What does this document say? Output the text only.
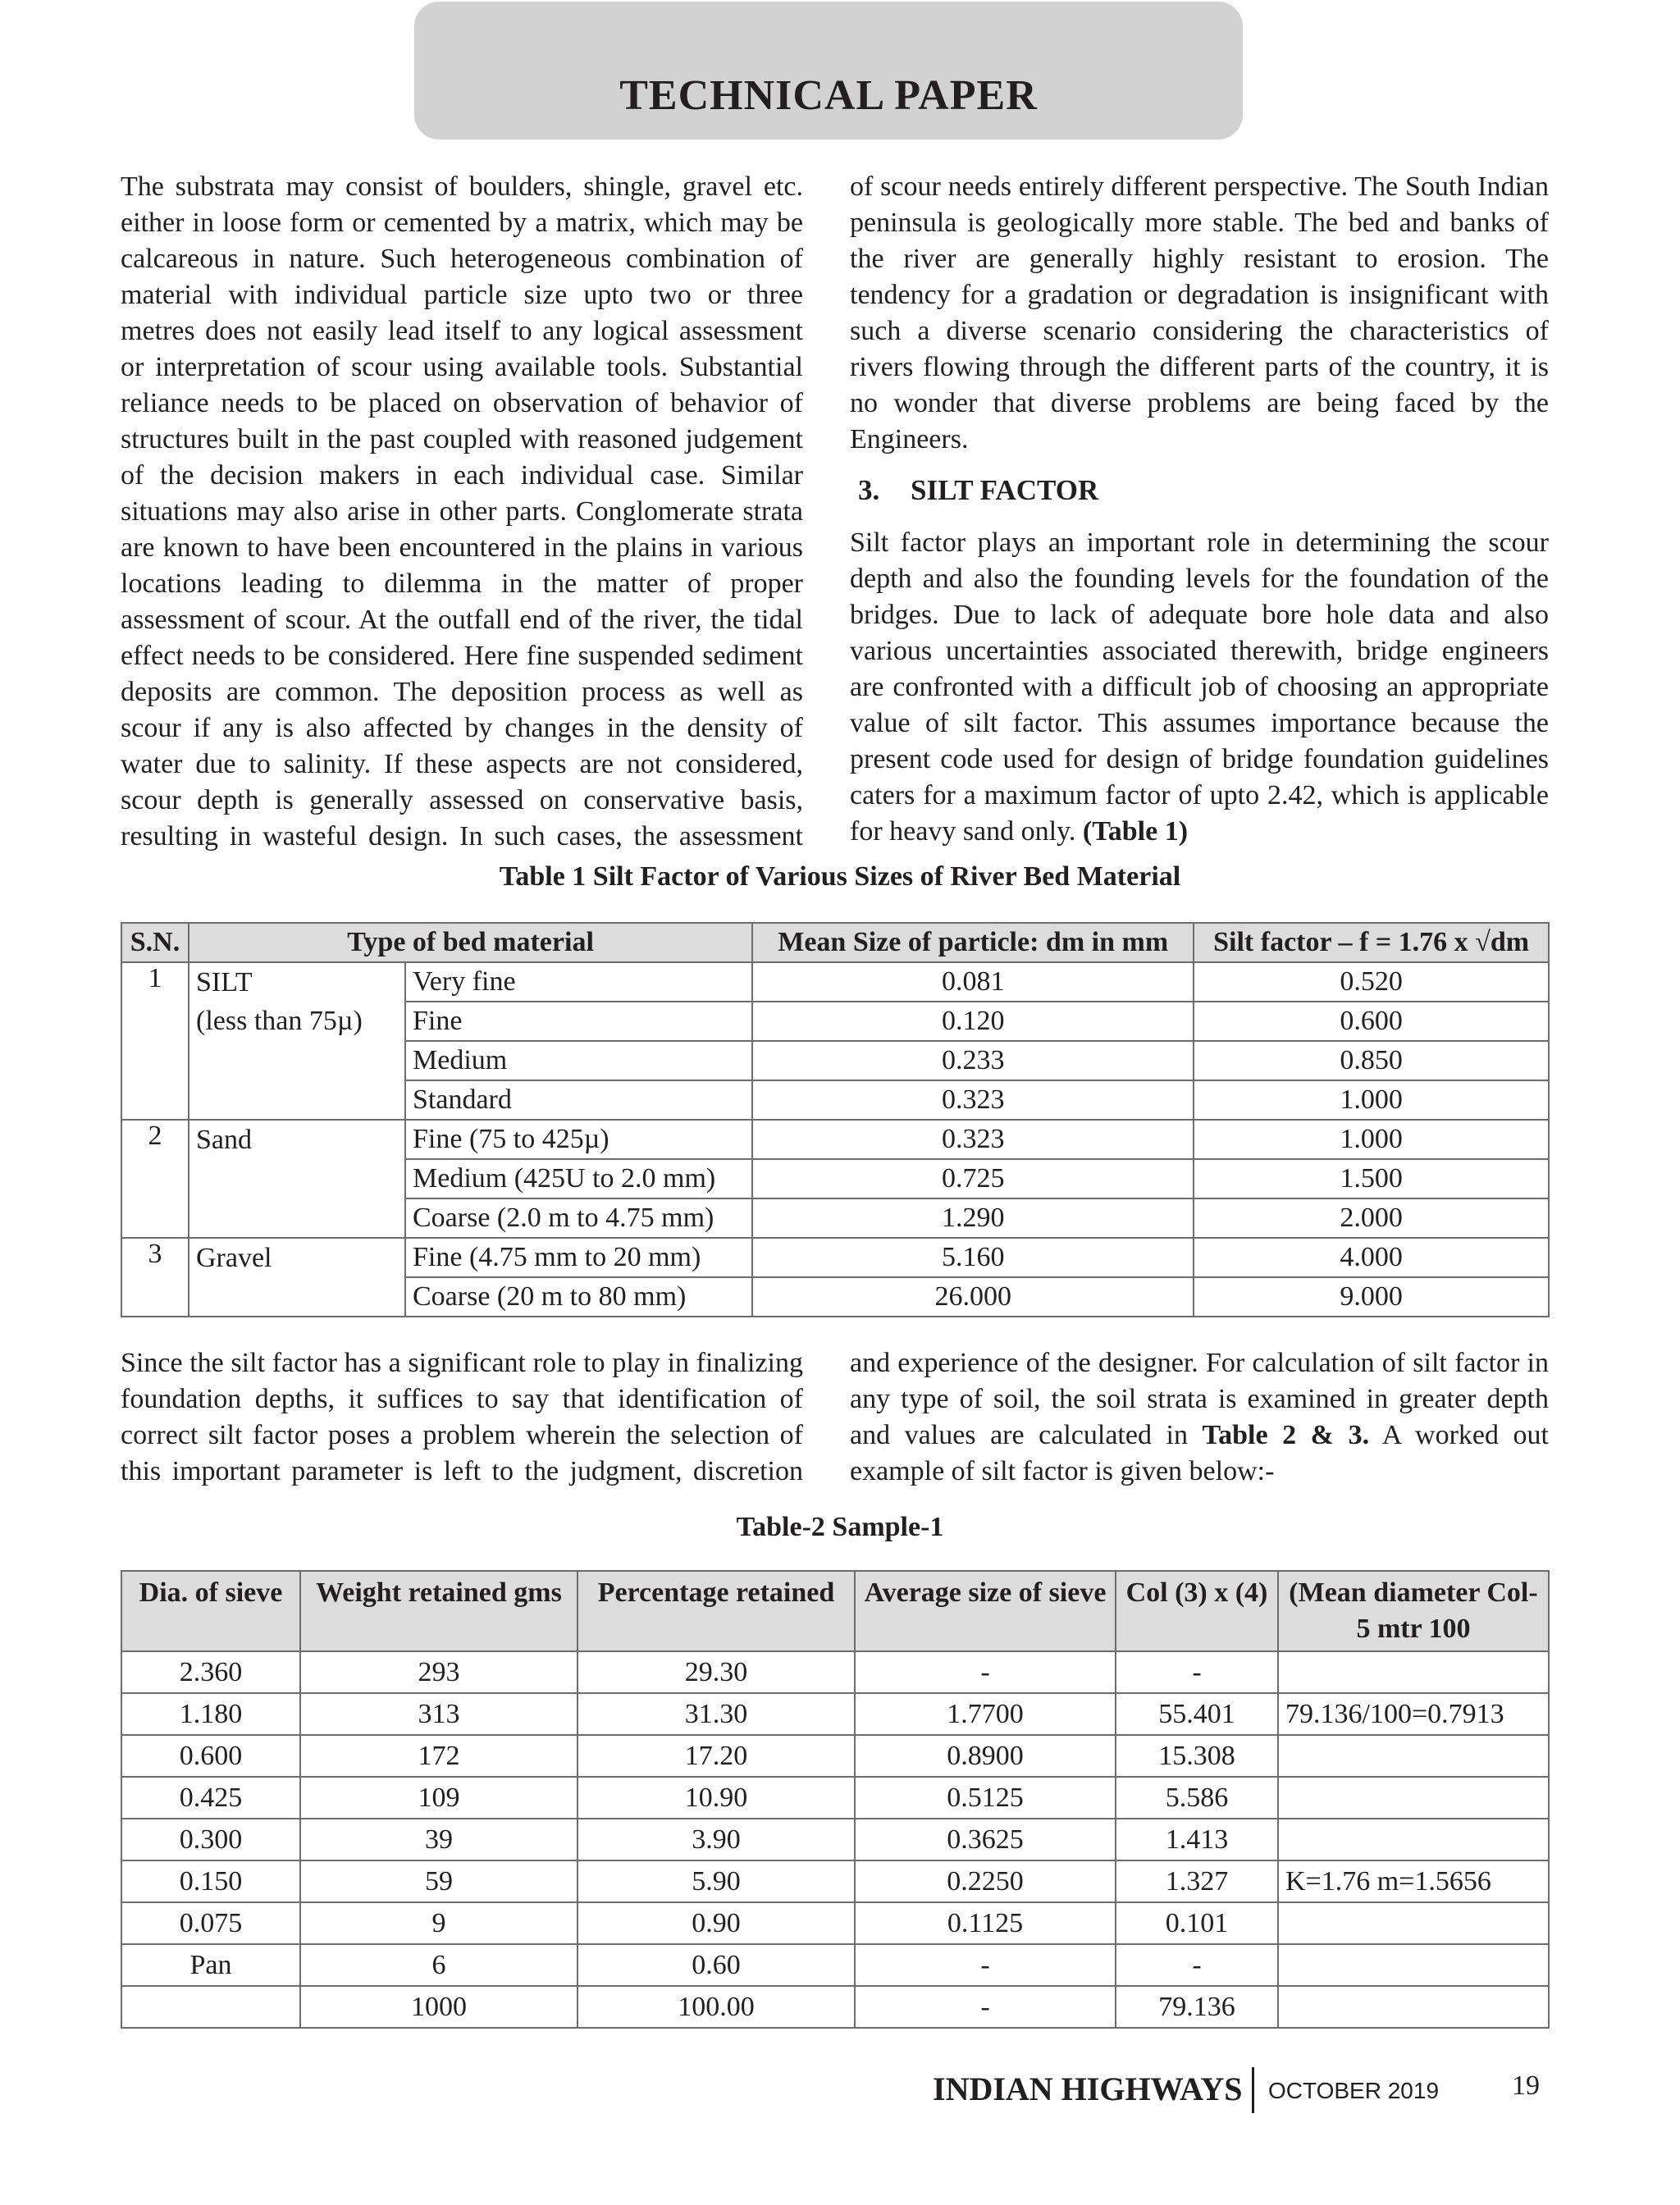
TECHNICAL PAPER

The substrata may consist of boulders, shingle, gravel etc. either in loose form or cemented by a matrix, which may be calcareous in nature. Such heterogeneous combination of material with individual particle size upto two or three metres does not easily lead itself to any logical assessment or interpretation of scour using available tools. Substantial reliance needs to be placed on observation of behavior of structures built in the past coupled with reasoned judgement of the decision makers in each individual case. Similar situations may also arise in other parts. Conglomerate strata are known to have been encountered in the plains in various locations leading to dilemma in the matter of proper assessment of scour. At the outfall end of the river, the tidal effect needs to be considered. Here fine suspended sediment deposits are common. The deposition process as well as scour if any is also affected by changes in the density of water due to salinity. If these aspects are not considered, scour depth is generally assessed on conservative basis, resulting in wasteful design. In such cases, the assessment

of scour needs entirely different perspective. The South Indian peninsula is geologically more stable. The bed and banks of the river are generally highly resistant to erosion. The tendency for a gradation or degradation is insignificant with such a diverse scenario considering the characteristics of rivers flowing through the different parts of the country, it is no wonder that diverse problems are being faced by the Engineers.

3. SILT FACTOR

Silt factor plays an important role in determining the scour depth and also the founding levels for the foundation of the bridges. Due to lack of adequate bore hole data and also various uncertainties associated therewith, bridge engineers are confronted with a difficult job of choosing an appropriate value of silt factor. This assumes importance because the present code used for design of bridge foundation guidelines caters for a maximum factor of upto 2.42, which is applicable for heavy sand only. (Table 1)

Table 1 Silt Factor of Various Sizes of River Bed Material
S.N.	Type of bed material		Mean Size of particle: dm in mm	Silt factor – f = 1.76 x √dm
1	SILT	Very fine	0.081	0.520
	(less than 75µ)	Fine	0.120	0.600
		Medium	0.233	0.850
		Standard	0.323	1.000
2	Sand	Fine (75 to 425µ)	0.323	1.000
		Medium (425U to 2.0 mm)	0.725	1.500
		Coarse (2.0 m to 4.75 mm)	1.290	2.000
3	Gravel	Fine (4.75 mm to 20 mm)	5.160	4.000
		Coarse (20 m to 80 mm)	26.000	9.000

Since the silt factor has a significant role to play in finalizing foundation depths, it suffices to say that identification of correct silt factor poses a problem wherein the selection of this important parameter is left to the judgment, discretion

and experience of the designer. For calculation of silt factor in any type of soil, the soil strata is examined in greater depth and values are calculated in Table 2 & 3. A worked out example of silt factor is given below:-

Table-2 Sample-1
Dia. of sieve	Weight retained gms	Percentage retained	Average size of sieve	Col (3) x (4)	(Mean diameter Col-5 mtr 100
2.360	293	29.30	-	-	
1.180	313	31.30	1.7700	55.401	79.136/100=0.7913
0.600	172	17.20	0.8900	15.308	
0.425	109	10.90	0.5125	5.586	
0.300	39	3.90	0.3625	1.413	
0.150	59	5.90	0.2250	1.327	K=1.76 m=1.5656
0.075	9	0.90	0.1125	0.101	
Pan	6	0.60	-	-	
	1000	100.00	-	79.136	
INDIAN HIGHWAYS OCTOBER 2019	19
